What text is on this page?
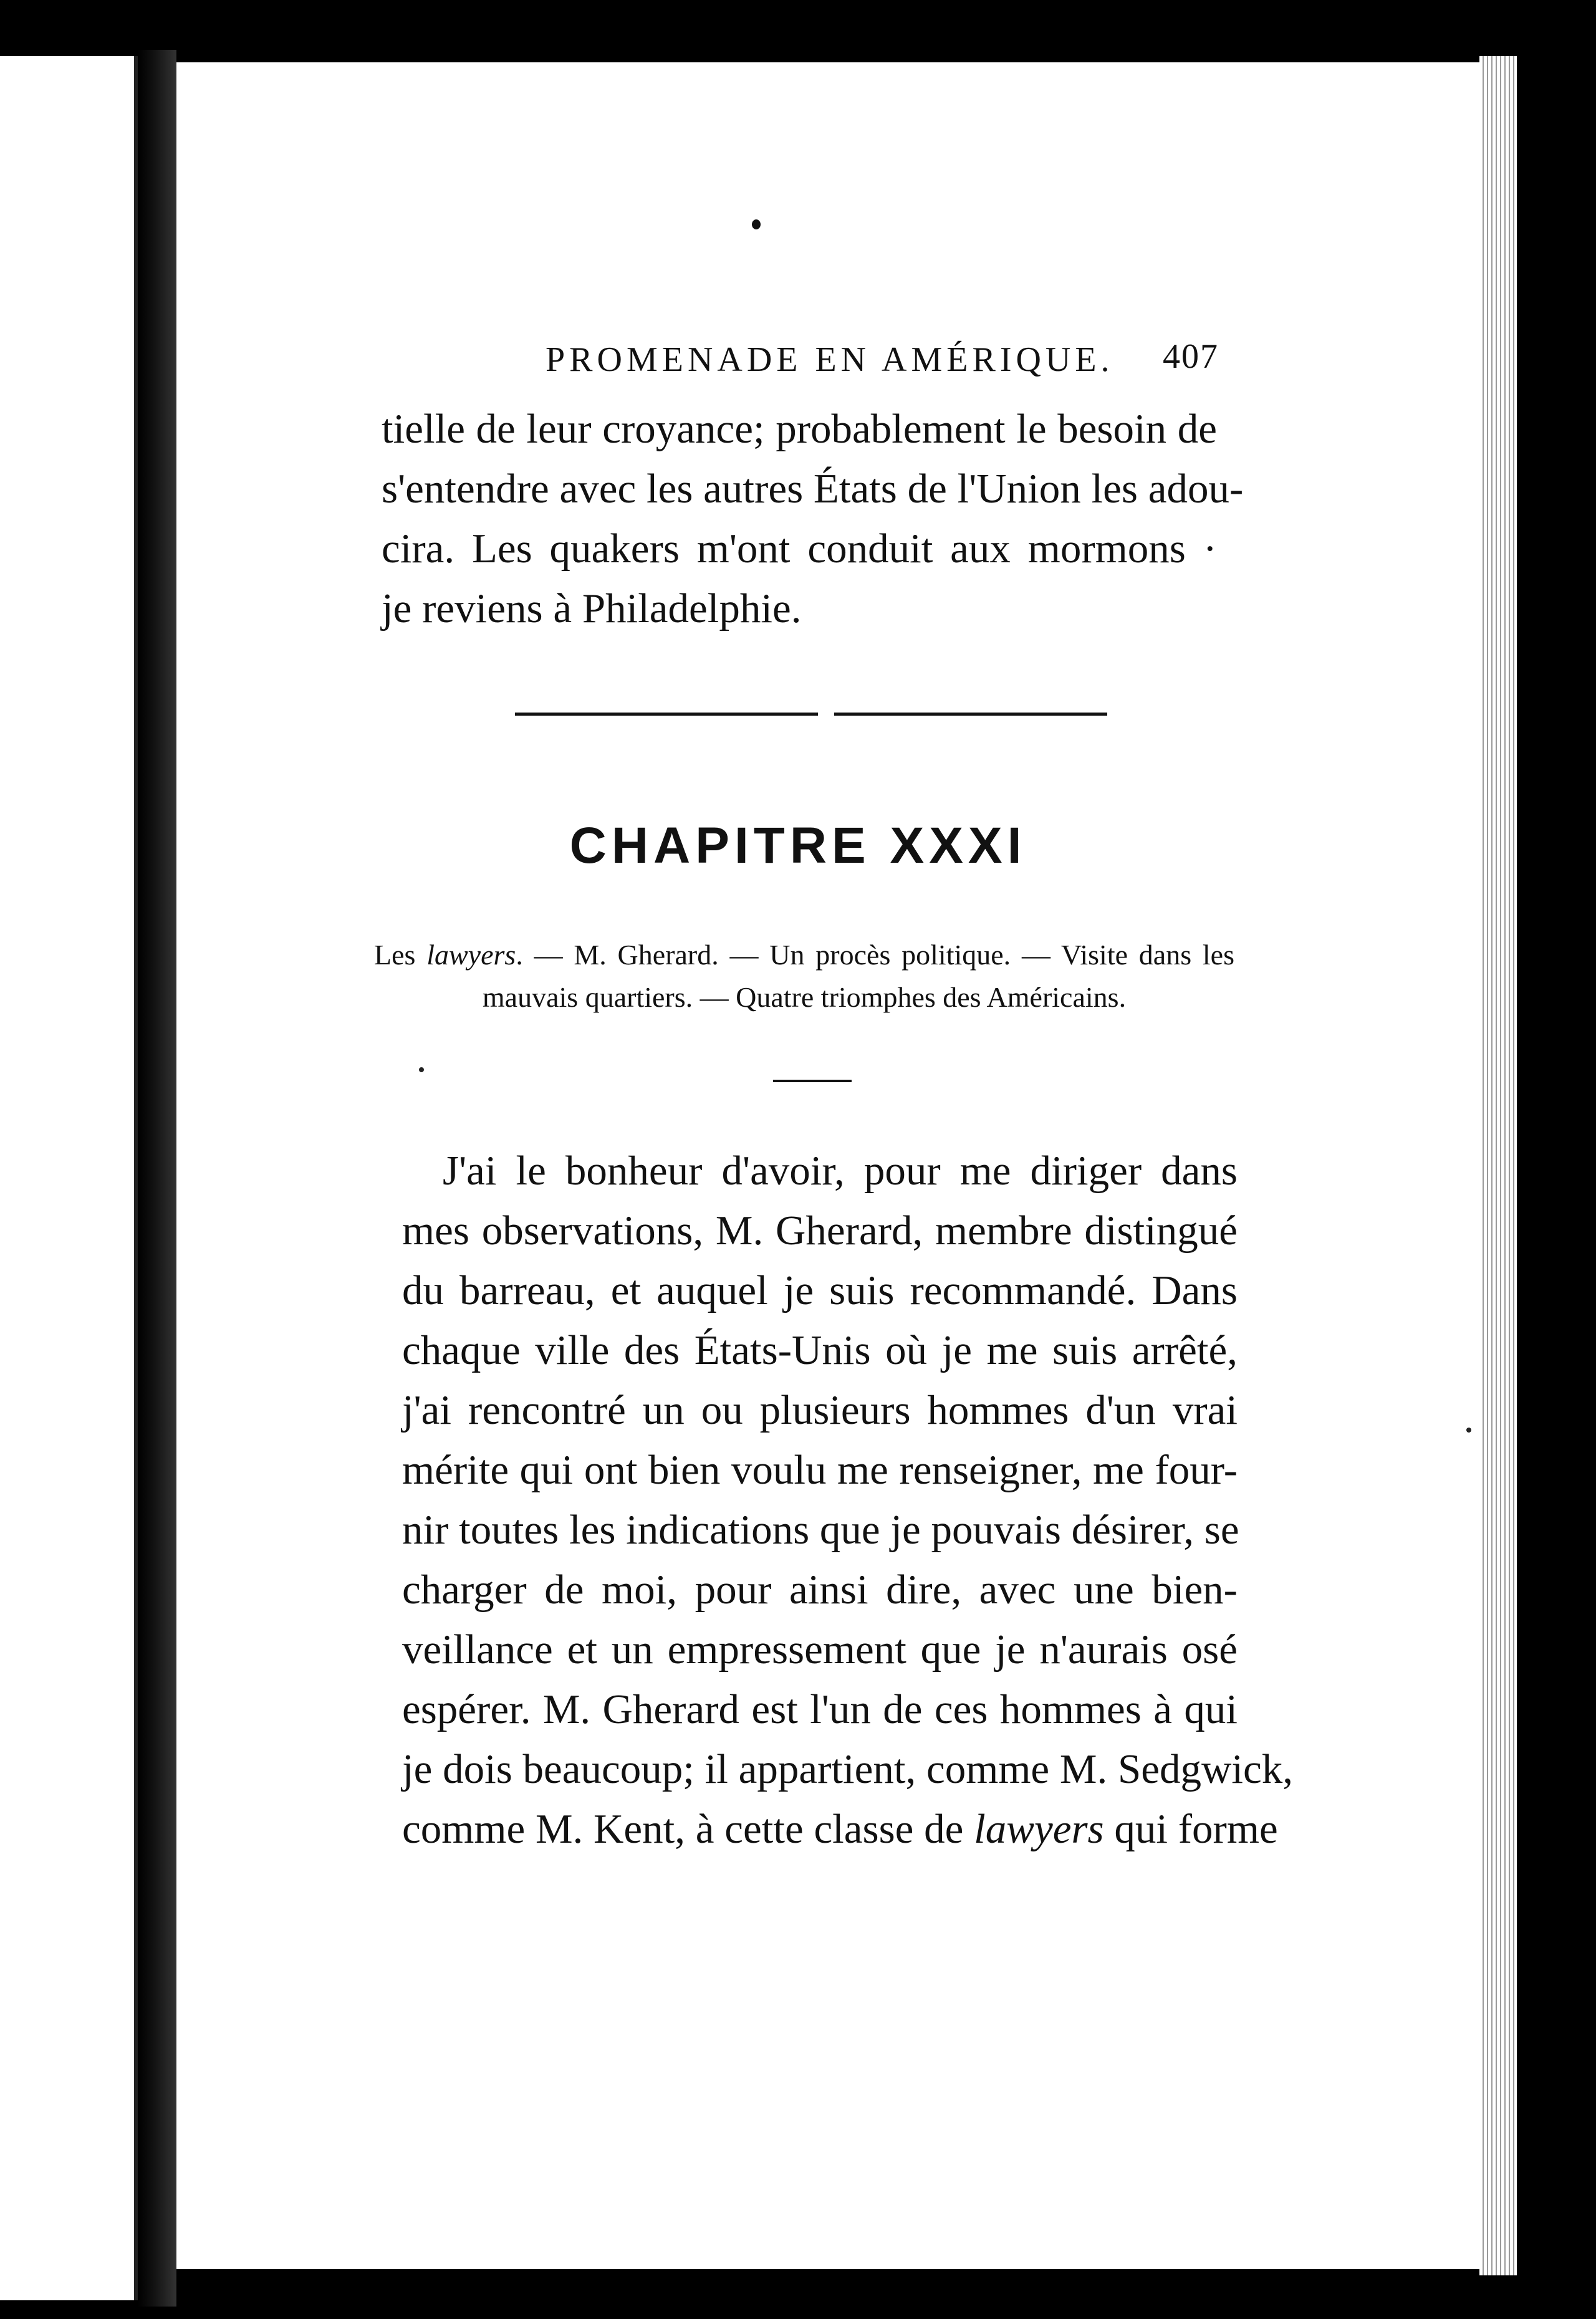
PROMENADE EN AMÉRIQUE. 407
tielle de leur croyance; probablement le besoin de
s'entendre avec les autres États de l'Union les adou-
cira. Les quakers m'ont conduit aux mormons ·
je reviens à Philadelphie.
CHAPITRE XXXI
Les lawyers. — M. Gherard. — Un procès politique. — Visite dans les
mauvais quartiers. — Quatre triomphes des Américains.
J'ai le bonheur d'avoir, pour me diriger dans
mes observations, M. Gherard, membre distingué
du barreau, et auquel je suis recommandé. Dans
chaque ville des États-Unis où je me suis arrêté,
j'ai rencontré un ou plusieurs hommes d'un vrai
mérite qui ont bien voulu me renseigner, me four-
nir toutes les indications que je pouvais désirer, se
charger de moi, pour ainsi dire, avec une bien-
veillance et un empressement que je n'aurais osé
espérer. M. Gherard est l'un de ces hommes à qui
je dois beaucoup; il appartient, comme M. Sedgwick,
comme M. Kent, à cette classe de lawyers qui forme
